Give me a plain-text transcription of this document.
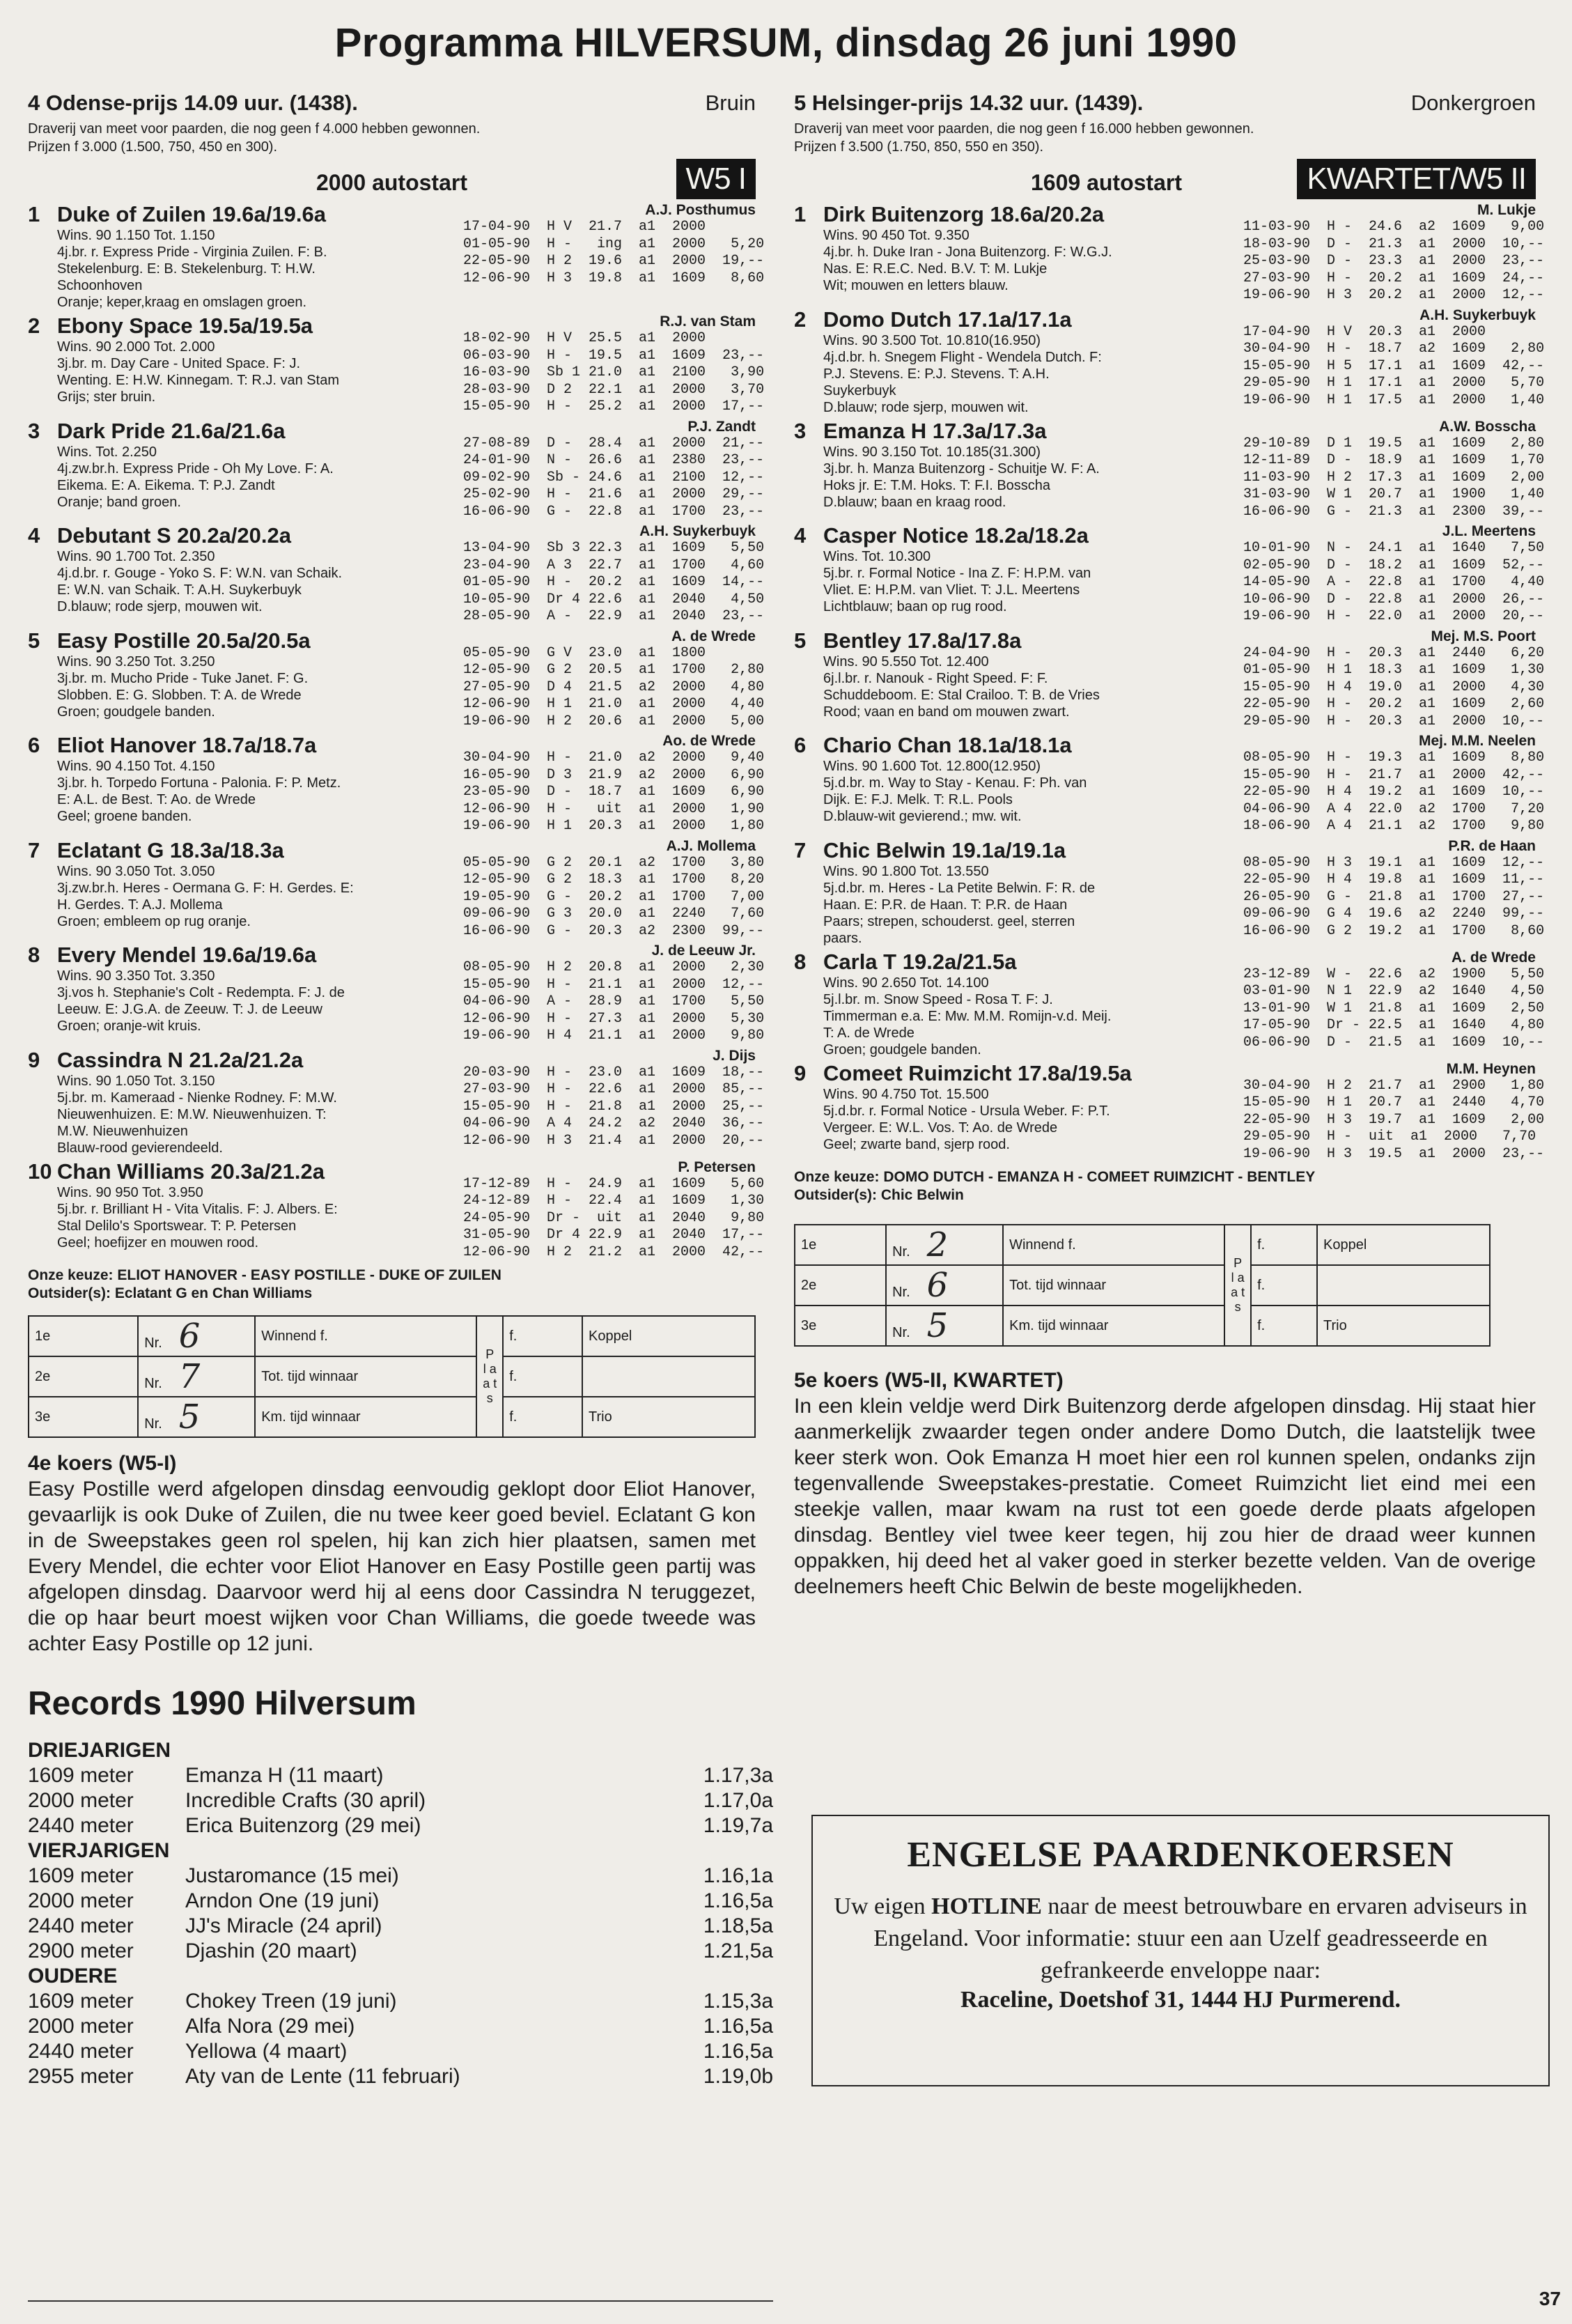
Programma HILVERSUM, dinsdag 26 juni 1990
4 Odense-prijs 14.09 uur. (1438).	Bruin
Draverij van meet voor paarden, die nog geen f 4.000 hebben gewonnen.
Prijzen f 3.000 (1.500, 750, 450 en 300).
2000 autostart	W5 I
1 Duke of Zuilen 19.6a/19.6a
Wins. 90 1.150 Tot. 1.150
4j.br. r. Express Pride - Virginia Zuilen. F: B.
Stekelenburg. E: B. Stekelenburg. T: H.W.
Schoonhoven
Oranje; keper,kraag en omslagen groen.
A.J. Posthumus
17-04-90  H V  21.7  a1  2000
01-05-90  H -   ing  a1  2000   5,20
22-05-90  H 2  19.6  a1  2000  19,--
12-06-90  H 3  19.8  a1  1609   8,60
2 Ebony Space 19.5a/19.5a
Wins. 90 2.000 Tot. 2.000
3j.br. m. Day Care - United Space. F: J.
Wenting. E: H.W. Kinnegam. T: R.J. van Stam
Grijs; ster bruin.
R.J. van Stam
18-02-90  H V  25.5  a1  2000
06-03-90  H -  19.5  a1  1609  23,--
16-03-90  Sb 1 21.0  a1  2100   3,90
28-03-90  D 2  22.1  a1  2000   3,70
15-05-90  H -  25.2  a1  2000  17,--
3 Dark Pride 21.6a/21.6a
Wins. Tot. 2.250
4j.zw.br.h. Express Pride - Oh My Love. F: A.
Eikema. E: A. Eikema. T: P.J. Zandt
Oranje; band groen.
P.J. Zandt
27-08-89  D -  28.4  a1  2000  21,--
24-01-90  N -  26.6  a1  2380  23,--
09-02-90  Sb - 24.6  a1  2100  12,--
25-02-90  H -  21.6  a1  2000  29,--
16-06-90  G -  22.8  a1  1700  23,--
4 Debutant S 20.2a/20.2a
Wins. 90 1.700 Tot. 2.350
4j.d.br. r. Gouge - Yoko S. F: W.N. van Schaik.
E: W.N. van Schaik. T: A.H. Suykerbuyk
D.blauw; rode sjerp, mouwen wit.
A.H. Suykerbuyk
13-04-90  Sb 3 22.3  a1  1609   5,50
23-04-90  A 3  22.7  a1  1700   4,60
01-05-90  H -  20.2  a1  1609  14,--
10-05-90  Dr 4 22.6  a1  2040   4,50
28-05-90  A -  22.9  a1  2040  23,--
5 Easy Postille 20.5a/20.5a
Wins. 90 3.250 Tot. 3.250
3j.br. m. Mucho Pride - Tuke Janet. F: G.
Slobben. E: G. Slobben. T: A. de Wrede
Groen; goudgele banden.
A. de Wrede
05-05-90  G V  23.0  a1  1800
12-05-90  G 2  20.5  a1  1700   2,80
27-05-90  D 4  21.5  a2  2000   4,80
12-06-90  H 1  21.0  a1  2000   4,40
19-06-90  H 2  20.6  a1  2000   5,00
6 Eliot Hanover 18.7a/18.7a
Wins. 90 4.150 Tot. 4.150
3j.br. h. Torpedo Fortuna - Palonia. F: P. Metz.
E: A.L. de Best. T: Ao. de Wrede
Geel; groene banden.
Ao. de Wrede
30-04-90  H -  21.0  a2  2000   9,40
16-05-90  D 3  21.9  a2  2000   6,90
23-05-90  D -  18.7  a1  1609   6,90
12-06-90  H -   uit  a1  2000   1,90
19-06-90  H 1  20.3  a1  2000   1,80
7 Eclatant G 18.3a/18.3a
Wins. 90 3.050 Tot. 3.050
3j.zw.br.h. Heres - Oermana G. F: H. Gerdes. E:
H. Gerdes. T: A.J. Mollema
Groen; embleem op rug oranje.
A.J. Mollema
05-05-90  G 2  20.1  a2  1700   3,80
12-05-90  G 2  18.3  a1  1700   8,20
19-05-90  G -  20.2  a1  1700   7,00
09-06-90  G 3  20.0  a1  2240   7,60
16-06-90  G -  20.3  a2  2300  99,--
8 Every Mendel 19.6a/19.6a
Wins. 90 3.350 Tot. 3.350
3j.vos h. Stephanie's Colt - Redempta. F: J. de
Leeuw. E: J.G.A. de Zeeuw. T: J. de Leeuw
Groen; oranje-wit kruis.
J. de Leeuw Jr.
08-05-90  H 2  20.8  a1  2000   2,30
15-05-90  H -  21.1  a1  2000  12,--
04-06-90  A -  28.9  a1  1700   5,50
12-06-90  H -  27.3  a1  2000   5,30
19-06-90  H 4  21.1  a1  2000   9,80
9 Cassindra N 21.2a/21.2a
Wins. 90 1.050 Tot. 3.150
5j.br. m. Kameraad - Nienke Rodney. F: M.W.
Nieuwenhuizen. E: M.W. Nieuwenhuizen. T:
M.W. Nieuwenhuizen
Blauw-rood gevierendeeld.
J. Dijs
20-03-90  H -  23.0  a1  1609  18,--
27-03-90  H -  22.6  a1  2000  85,--
15-05-90  H -  21.8  a1  2000  25,--
04-06-90  A 4  24.2  a2  2040  36,--
12-06-90  H 3  21.4  a1  2000  20,--
10 Chan Williams 20.3a/21.2a
Wins. 90 950 Tot. 3.950
5j.br. r. Brilliant H - Vita Vitalis. F: J. Albers. E:
Stal Delilo's Sportswear. T: P. Petersen
Geel; hoefijzer en mouwen rood.
P. Petersen
17-12-89  H -  24.9  a1  1609   5,60
24-12-89  H -  22.4  a1  1609   1,30
24-05-90  Dr -  uit  a1  2040   9,80
31-05-90  Dr 4 22.9  a1  2040  17,--
12-06-90  H 2  21.2  a1  2000  42,--
Onze keuze: ELIOT HANOVER - EASY POSTILLE - DUKE OF ZUILEN
Outsider(s): Eclatant G en Chan Williams
1e	Nr. 6	Winnend f.	P l a a t s	f.	Koppel
2e	Nr. 7	Tot. tijd winnaar		f.	
3e	Nr. 5	Km. tijd winnaar		f.	Trio
4e koers (W5-I)
Easy Postille werd afgelopen dinsdag eenvoudig geklopt door Eliot Hanover, gevaarlijk is ook Duke of Zuilen, die nu twee keer goed beviel. Eclatant G kon in de Sweepstakes geen rol spelen, hij kan zich hier plaatsen, samen met Every Mendel, die echter voor Eliot Hanover en Easy Postille geen partij was afgelopen dinsdag. Daarvoor werd hij al eens door Cassindra N teruggezet, die op haar beurt moest wijken voor Chan Williams, die goede tweede was achter Easy Postille op 12 juni.
Records 1990 Hilversum
DRIEJARIGEN
1609 meter	Emanza H (11 maart)	1.17,3a
2000 meter	Incredible Crafts (30 april)	1.17,0a
2440 meter	Erica Buitenzorg (29 mei)	1.19,7a
VIERJARIGEN
1609 meter	Justaromance (15 mei)	1.16,1a
2000 meter	Arndon One (19 juni)	1.16,5a
2440 meter	JJ's Miracle (24 april)	1.18,5a
2900 meter	Djashin (20 maart)	1.21,5a
OUDERE
1609 meter	Chokey Treen (19 juni)	1.15,3a
2000 meter	Alfa Nora (29 mei)	1.16,5a
2440 meter	Yellowa (4 maart)	1.16,5a
2955 meter	Aty van de Lente (11 februari)	1.19,0b
5 Helsinger-prijs 14.32 uur. (1439).	Donkergroen
Draverij van meet voor paarden, die nog geen f 16.000 hebben gewonnen.
Prijzen f 3.500 (1.750, 850, 550 en 350).
1609 autostart	KWARTET/W5 II
1 Dirk Buitenzorg 18.6a/20.2a
Wins. 90 450 Tot. 9.350
4j.br. h. Duke Iran - Jona Buitenzorg. F: W.G.J.
Nas. E: R.E.C. Ned. B.V. T: M. Lukje
Wit; mouwen en letters blauw.
M. Lukje
11-03-90  H -  24.6  a2  1609   9,00
18-03-90  D -  21.3  a1  2000  10,--
25-03-90  D -  23.3  a1  2000  23,--
27-03-90  H -  20.2  a1  1609  24,--
19-06-90  H 3  20.2  a1  2000  12,--
2 Domo Dutch 17.1a/17.1a
Wins. 90 3.500 Tot. 10.810(16.950)
4j.d.br. h. Snegem Flight - Wendela Dutch. F:
P.J. Stevens. E: P.J. Stevens. T: A.H.
Suykerbuyk
D.blauw; rode sjerp, mouwen wit.
A.H. Suykerbuyk
17-04-90  H V  20.3  a1  2000
30-04-90  H -  18.7  a2  1609   2,80
15-05-90  H 5  17.1  a1  1609  42,--
29-05-90  H 1  17.1  a1  2000   5,70
19-06-90  H 1  17.5  a1  2000   1,40
3 Emanza H 17.3a/17.3a
Wins. 90 3.150 Tot. 10.185(31.300)
3j.br. h. Manza Buitenzorg - Schuitje W. F: A.
Hoks jr. E: T.M. Hoks. T: F.I. Bosscha
D.blauw; baan en kraag rood.
A.W. Bosscha
29-10-89  D 1  19.5  a1  1609   2,80
12-11-89  D -  18.9  a1  1609   1,70
11-03-90  H 2  17.3  a1  1609   2,00
31-03-90  W 1  20.7  a1  1900   1,40
16-06-90  G -  21.3  a1  2300  39,--
4 Casper Notice 18.2a/18.2a
Wins. Tot. 10.300
5j.br. r. Formal Notice - Ina Z. F: H.P.M. van
Vliet. E: H.P.M. van Vliet. T: J.L. Meertens
Lichtblauw; baan op rug rood.
J.L. Meertens
10-01-90  N -  24.1  a1  1640   7,50
02-05-90  D -  18.2  a1  1609  52,--
14-05-90  A -  22.8  a1  1700   4,40
10-06-90  D -  22.8  a1  2000  26,--
19-06-90  H -  22.0  a1  2000  20,--
5 Bentley 17.8a/17.8a
Wins. 90 5.550 Tot. 12.400
6j.l.br. r. Nanouk - Right Speed. F: F.
Schuddeboom. E: Stal Crailoo. T: B. de Vries
Rood; vaan en band om mouwen zwart.
Mej. M.S. Poort
24-04-90  H -  20.3  a1  2440   6,20
01-05-90  H 1  18.3  a1  1609   1,30
15-05-90  H 4  19.0  a1  2000   4,30
22-05-90  H -  20.2  a1  1609   2,60
29-05-90  H -  20.3  a1  2000  10,--
6 Chario Chan 18.1a/18.1a
Wins. 90 1.600 Tot. 12.800(12.950)
5j.d.br. m. Way to Stay - Kenau. F: Ph. van
Dijk. E: F.J. Melk. T: R.L. Pools
D.blauw-wit gevierend.; mw. wit.
Mej. M.M. Neelen
08-05-90  H -  19.3  a1  1609   8,80
15-05-90  H -  21.7  a1  2000  42,--
22-05-90  H 4  19.2  a1  1609  10,--
04-06-90  A 4  22.0  a2  1700   7,20
18-06-90  A 4  21.1  a2  1700   9,80
7 Chic Belwin 19.1a/19.1a
Wins. 90 1.800 Tot. 13.550
5j.d.br. m. Heres - La Petite Belwin. F: R. de
Haan. E: P.R. de Haan. T: P.R. de Haan
Paars; strepen, schouderst. geel, sterren
paars.
P.R. de Haan
08-05-90  H 3  19.1  a1  1609  12,--
22-05-90  H 4  19.8  a1  1609  11,--
26-05-90  G -  21.8  a1  1700  27,--
09-06-90  G 4  19.6  a2  2240  99,--
16-06-90  G 2  19.2  a1  1700   8,60
8 Carla T 19.2a/21.5a
Wins. 90 2.650 Tot. 14.100
5j.l.br. m. Snow Speed - Rosa T. F: J.
Timmerman e.a. E: Mw. M.M. Romijn-v.d. Meij.
T: A. de Wrede
Groen; goudgele banden.
A. de Wrede
23-12-89  W -  22.6  a2  1900   5,50
03-01-90  N 1  22.9  a2  1640   4,50
13-01-90  W 1  21.8  a1  1609   2,50
17-05-90  Dr - 22.5  a1  1640   4,80
06-06-90  D -  21.5  a1  1609  10,--
9 Comeet Ruimzicht 17.8a/19.5a
Wins. 90 4.750 Tot. 15.500
5j.d.br. r. Formal Notice - Ursula Weber. F: P.T.
Vergeer. E: W.L. Vos. T: Ao. de Wrede
Geel; zwarte band, sjerp rood.
M.M. Heynen
30-04-90  H 2  21.7  a1  2900   1,80
15-05-90  H 1  20.7  a1  2440   4,70
22-05-90  H 3  19.7  a1  1609   2,00
29-05-90  H -  uit  a1  2000   7,70
19-06-90  H 3  19.5  a1  2000  23,--
Onze keuze: DOMO DUTCH - EMANZA H - COMEET RUIMZICHT - BENTLEY
Outsider(s): Chic Belwin
1e	Nr. 2	Winnend f.	P l a a t s	f.	Koppel
2e	Nr. 6	Tot. tijd winnaar		f.	
3e	Nr. 5	Km. tijd winnaar		f.	Trio
5e koers (W5-II, KWARTET)
In een klein veldje werd Dirk Buitenzorg derde afgelopen dinsdag. Hij staat hier aanmerkelijk zwaarder tegen onder andere Domo Dutch, die laatstelijk twee keer sterk won. Ook Emanza H moet hier een rol kunnen spelen, ondanks zijn tegenvallende Sweepstakes-prestatie. Comeet Ruimzicht liet eind mei een steekje vallen, maar kwam na rust tot een goede derde plaats afgelopen dinsdag. Bentley viel twee keer tegen, hij zou hier de draad weer kunnen oppakken, hij deed het al vaker goed in sterker bezette velden. Van de overige deelnemers heeft Chic Belwin de beste mogelijkheden.
ENGELSE PAARDENKOERSEN
Uw eigen HOTLINE naar de meest betrouwbare en ervaren adviseurs in Engeland. Voor informatie: stuur een aan Uzelf geadresseerde en gefrankeerde enveloppe naar:
Raceline, Doetshof 31, 1444 HJ Purmerend.
37
